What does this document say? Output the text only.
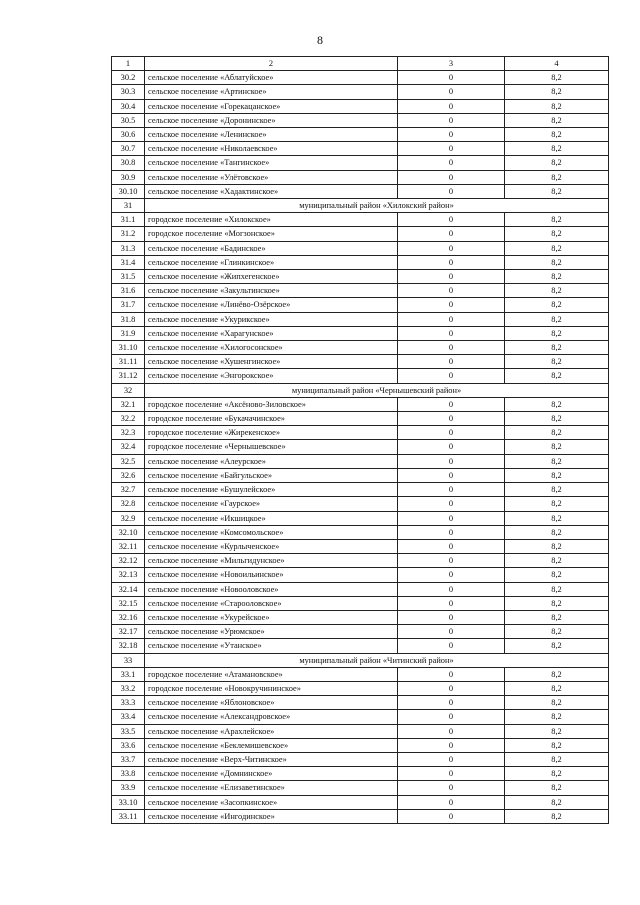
8
1	2	3	4
30.2	сельское поселение «Аблатуйское»	0	8,2
30.3	сельское поселение «Артинское»	0	8,2
30.4	сельское поселение «Горекацанское»	0	8,2
30.5	сельское поселение «Доронинское»	0	8,2
30.6	сельское поселение «Ленинское»	0	8,2
30.7	сельское поселение «Николаевское»	0	8,2
30.8	сельское поселение «Тангинское»	0	8,2
30.9	сельское поселение «Улётовское»	0	8,2
30.10	сельское поселение «Хадактинское»	0	8,2
31	муниципальный район «Хилокский район»		
31.1	городское поселение «Хилокское»	0	8,2
31.2	городское поселение «Могзонское»	0	8,2
31.3	сельское поселение «Бадинское»	0	8,2
31.4	сельское поселение «Глинкинское»	0	8,2
31.5	сельское поселение «Жипхегенское»	0	8,2
31.6	сельское поселение «Закультинское»	0	8,2
31.7	сельское поселение «Линёво-Озёрское»	0	8,2
31.8	сельское поселение «Укурикское»	0	8,2
31.9	сельское поселение «Харагунское»	0	8,2
31.10	сельское поселение «Хилогосонское»	0	8,2
31.11	сельское поселение «Хушенгинское»	0	8,2
31.12	сельское поселение «Энгорокское»	0	8,2
32	муниципальный район «Чернышевский район»		
32.1	городское поселение «Аксёново-Зиловское»	0	8,2
32.2	городское поселение «Букачачинское»	0	8,2
32.3	городское поселение «Жирекенское»	0	8,2
32.4	городское поселение «Чернышевское»	0	8,2
32.5	сельское поселение «Алеурское»	0	8,2
32.6	сельское поселение «Байгульское»	0	8,2
32.7	сельское поселение «Бушулейское»	0	8,2
32.8	сельское поселение «Гаурское»	0	8,2
32.9	сельское поселение «Икшицкое»	0	8,2
32.10	сельское поселение «Комсомольское»	0	8,2
32.11	сельское поселение «Курлыченское»	0	8,2
32.12	сельское поселение «Мильгидунское»	0	8,2
32.13	сельское поселение «Новоильинское»	0	8,2
32.14	сельское поселение «Новооловское»	0	8,2
32.15	сельское поселение «Старооловское»	0	8,2
32.16	сельское поселение «Укурейское»	0	8,2
32.17	сельское поселение «Урюмское»	0	8,2
32.18	сельское поселение «Утанское»	0	8,2
33	муниципальный район «Читинский район»		
33.1	городское поселение «Атамановское»	0	8,2
33.2	городское поселение «Новокручининское»	0	8,2
33.3	сельское поселение «Яблоновское»	0	8,2
33.4	сельское поселение «Александровское»	0	8,2
33.5	сельское поселение «Арахлейское»	0	8,2
33.6	сельское поселение «Беклемишевское»	0	8,2
33.7	сельское поселение «Верх-Читинское»	0	8,2
33.8	сельское поселение «Домнинское»	0	8,2
33.9	сельское поселение «Елизаветинское»	0	8,2
33.10	сельское поселение «Засопкинское»	0	8,2
33.11	сельское поселение «Ингодинское»	0	8,2
